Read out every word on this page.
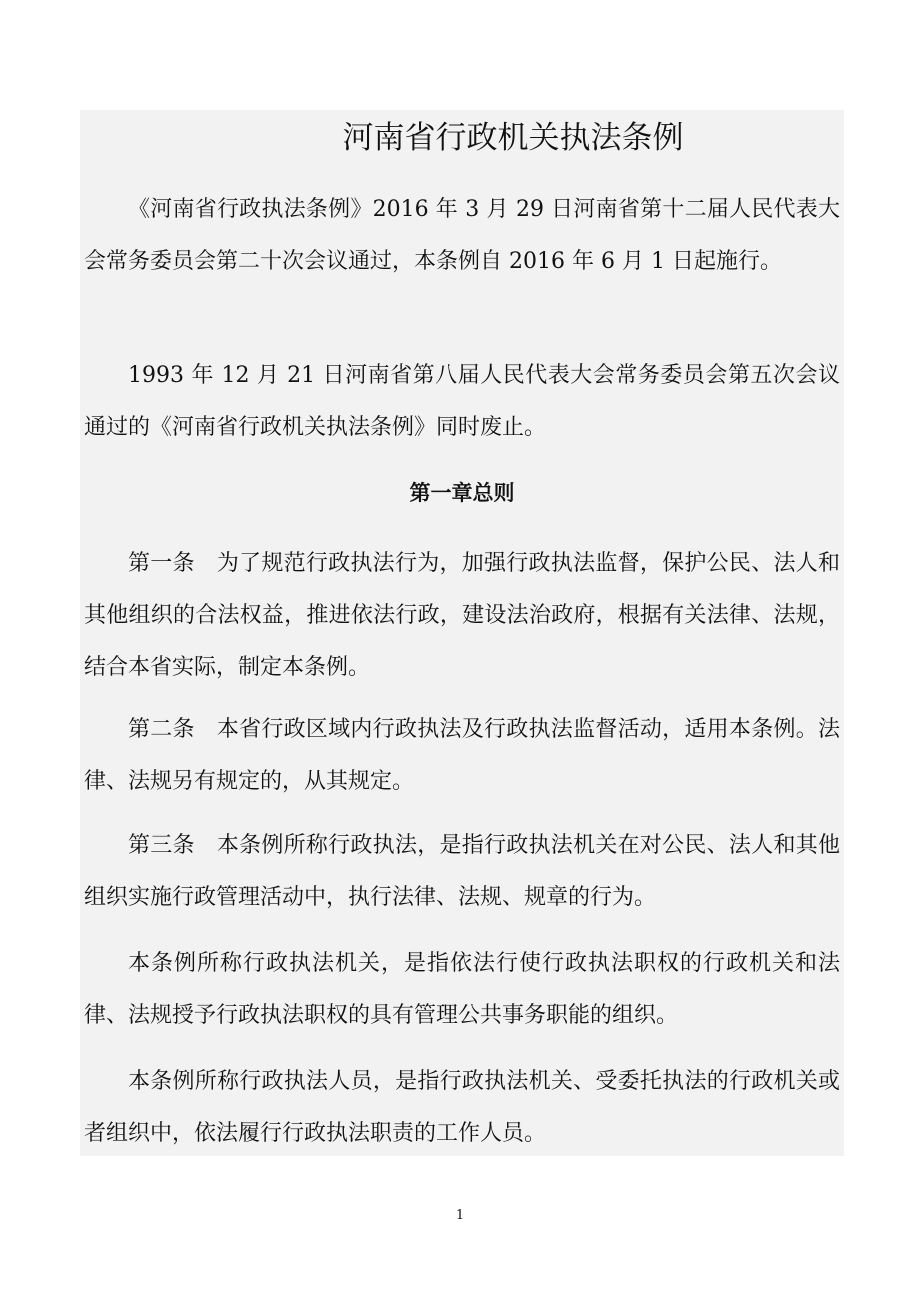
河南省行政机关执法条例

《河南省行政执法条例》2016 年 3 月 29 日河南省第十二届人民代表大会常务委员会第二十次会议通过，本条例自 2016 年 6 月 1 日起施行。

1993 年 12 月 21 日河南省第八届人民代表大会常务委员会第五次会议通过的《河南省行政机关执法条例》同时废止。

第一章总则

第一条 为了规范行政执法行为，加强行政执法监督，保护公民、法人和其他组织的合法权益，推进依法行政，建设法治政府，根据有关法律、法规，结合本省实际，制定本条例。

第二条 本省行政区域内行政执法及行政执法监督活动，适用本条例。法律、法规另有规定的，从其规定。

第三条 本条例所称行政执法，是指行政执法机关在对公民、法人和其他组织实施行政管理活动中，执行法律、法规、规章的行为。

本条例所称行政执法机关，是指依法行使行政执法职权的行政机关和法律、法规授予行政执法职权的具有管理公共事务职能的组织。

本条例所称行政执法人员，是指行政执法机关、受委托执法的行政机关或者组织中，依法履行行政执法职责的工作人员。

1
